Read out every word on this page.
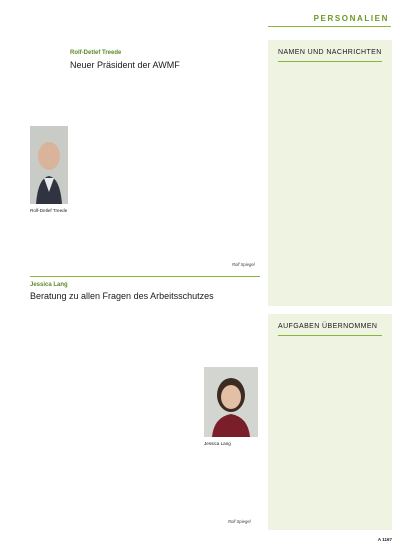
PERSONALIEN
Rolf-Detlef Treede
Neuer Präsident der AWMF
Rolf-Detlef Treede
Rolf Spiegel
Jessica Lang
Beratung zu allen Fragen des Arbeitsschutzes
Jessica Lang
Rolf Spiegel
NAMEN UND NACHRICHTEN
AUFGABEN ÜBERNOMMEN
A 1167
